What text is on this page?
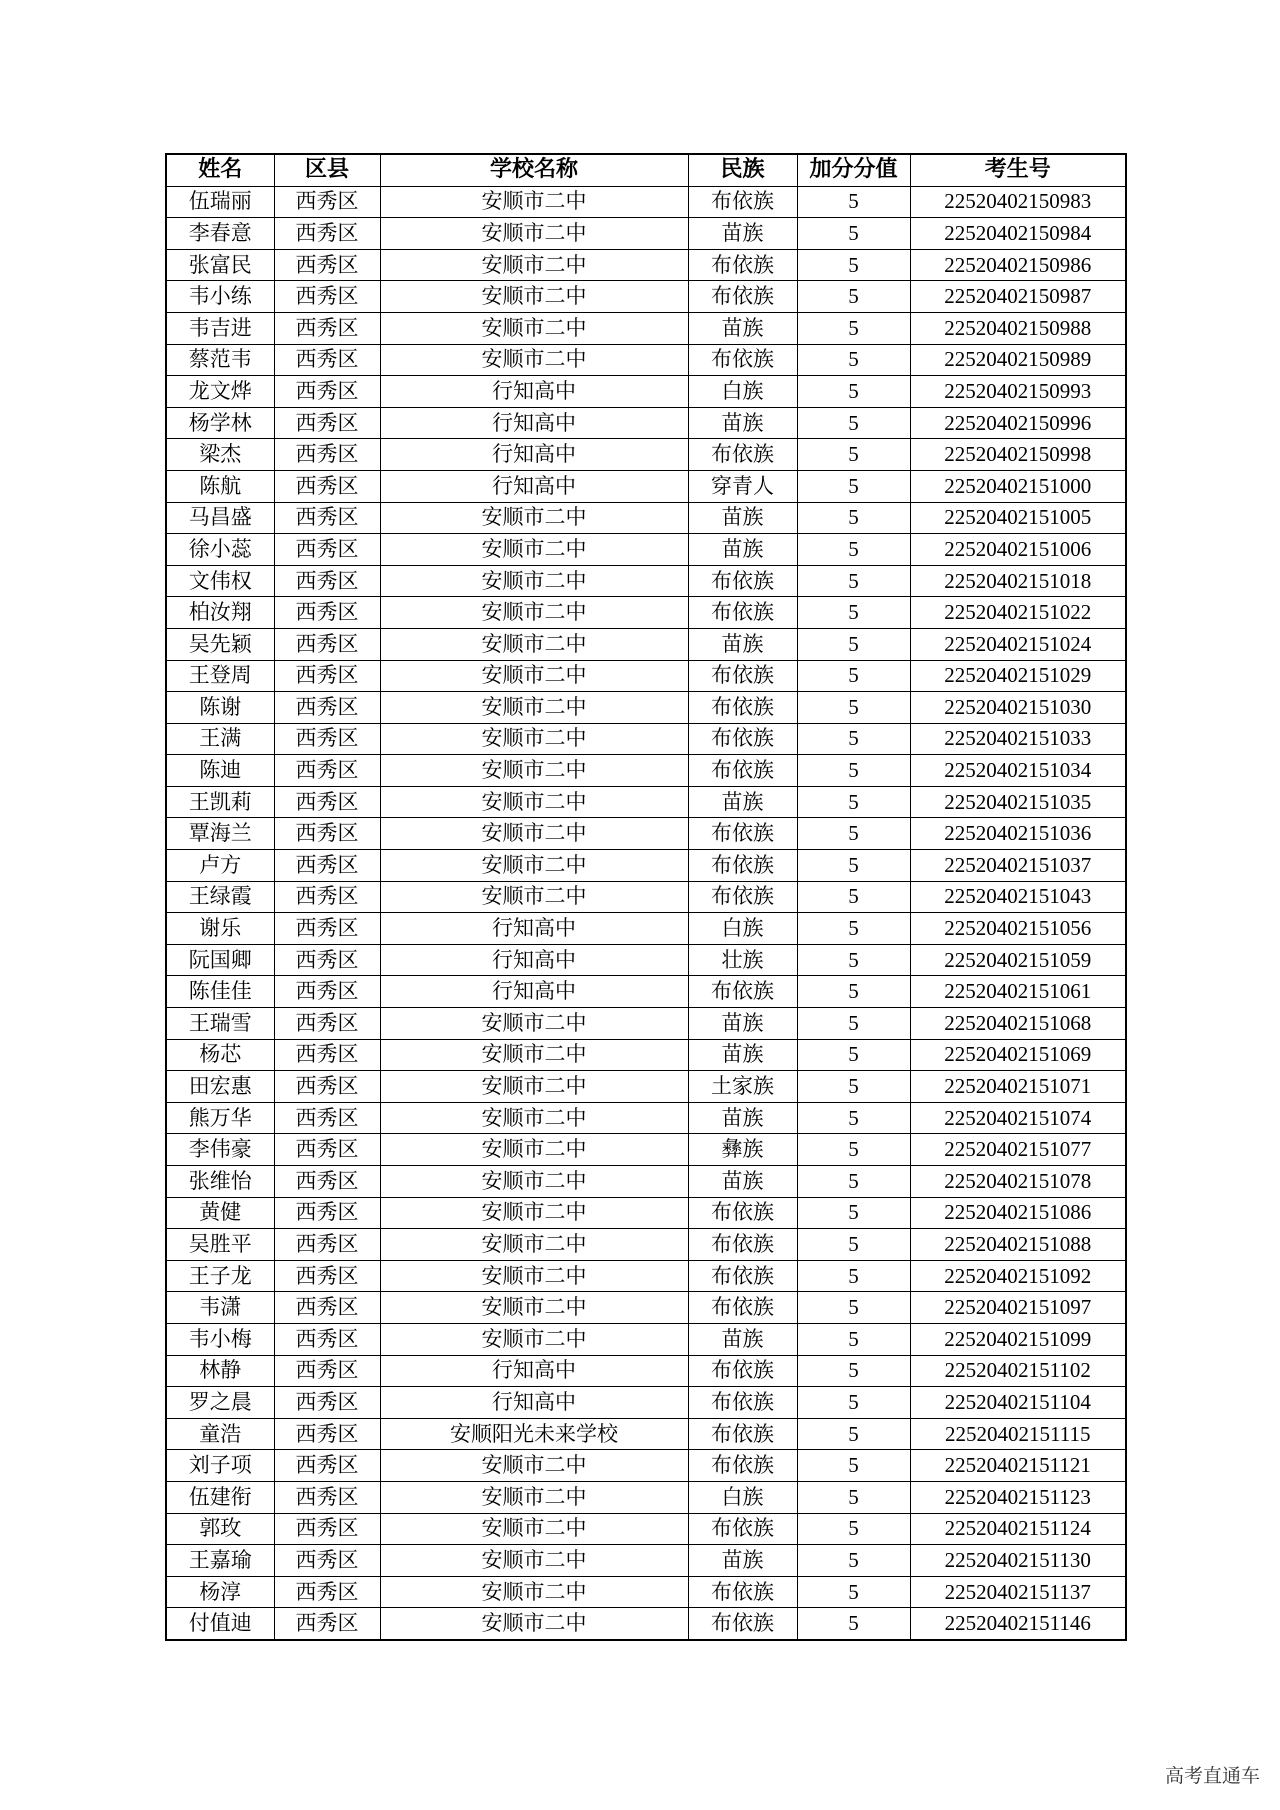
姓名	区县	学校名称	民族	加分分值	考生号
伍瑞丽	西秀区	安顺市二中	布依族	5	22520402150983
李春意	西秀区	安顺市二中	苗族	5	22520402150984
张富民	西秀区	安顺市二中	布依族	5	22520402150986
韦小练	西秀区	安顺市二中	布依族	5	22520402150987
韦吉进	西秀区	安顺市二中	苗族	5	22520402150988
蔡范韦	西秀区	安顺市二中	布依族	5	22520402150989
龙文烨	西秀区	行知高中	白族	5	22520402150993
杨学林	西秀区	行知高中	苗族	5	22520402150996
梁杰	西秀区	行知高中	布依族	5	22520402150998
陈航	西秀区	行知高中	穿青人	5	22520402151000
马昌盛	西秀区	安顺市二中	苗族	5	22520402151005
徐小蕊	西秀区	安顺市二中	苗族	5	22520402151006
文伟权	西秀区	安顺市二中	布依族	5	22520402151018
柏汝翔	西秀区	安顺市二中	布依族	5	22520402151022
吴先颖	西秀区	安顺市二中	苗族	5	22520402151024
王登周	西秀区	安顺市二中	布依族	5	22520402151029
陈谢	西秀区	安顺市二中	布依族	5	22520402151030
王满	西秀区	安顺市二中	布依族	5	22520402151033
陈迪	西秀区	安顺市二中	布依族	5	22520402151034
王凯莉	西秀区	安顺市二中	苗族	5	22520402151035
覃海兰	西秀区	安顺市二中	布依族	5	22520402151036
卢方	西秀区	安顺市二中	布依族	5	22520402151037
王绿霞	西秀区	安顺市二中	布依族	5	22520402151043
谢乐	西秀区	行知高中	白族	5	22520402151056
阮国卿	西秀区	行知高中	壮族	5	22520402151059
陈佳佳	西秀区	行知高中	布依族	5	22520402151061
王瑞雪	西秀区	安顺市二中	苗族	5	22520402151068
杨芯	西秀区	安顺市二中	苗族	5	22520402151069
田宏惠	西秀区	安顺市二中	土家族	5	22520402151071
熊万华	西秀区	安顺市二中	苗族	5	22520402151074
李伟豪	西秀区	安顺市二中	彝族	5	22520402151077
张维怡	西秀区	安顺市二中	苗族	5	22520402151078
黄健	西秀区	安顺市二中	布依族	5	22520402151086
吴胜平	西秀区	安顺市二中	布依族	5	22520402151088
王子龙	西秀区	安顺市二中	布依族	5	22520402151092
韦潇	西秀区	安顺市二中	布依族	5	22520402151097
韦小梅	西秀区	安顺市二中	苗族	5	22520402151099
林静	西秀区	行知高中	布依族	5	22520402151102
罗之晨	西秀区	行知高中	布依族	5	22520402151104
童浩	西秀区	安顺阳光未来学校	布依族	5	22520402151115
刘子项	西秀区	安顺市二中	布依族	5	22520402151121
伍建衔	西秀区	安顺市二中	白族	5	22520402151123
郭玫	西秀区	安顺市二中	布依族	5	22520402151124
王嘉瑜	西秀区	安顺市二中	苗族	5	22520402151130
杨淳	西秀区	安顺市二中	布依族	5	22520402151137
付值迪	西秀区	安顺市二中	布依族	5	22520402151146
高考直通车
